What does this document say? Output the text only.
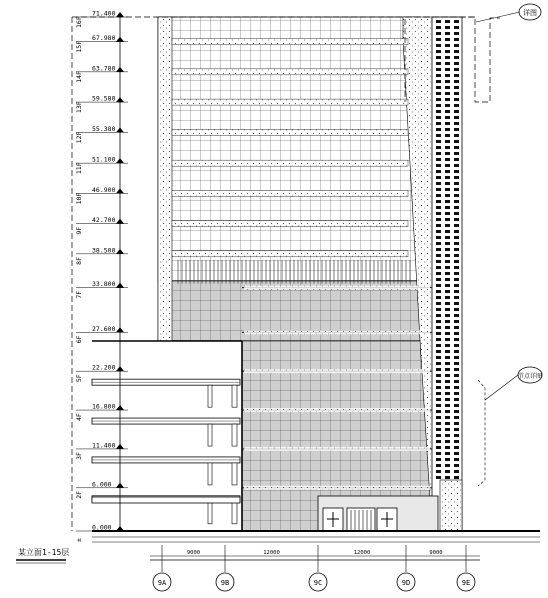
详图
节点详图
16F
71.400
15F
67.980
14F
63.780
13F
59.580
12F
55.380
11F
51.100
10F
46.900
9F
42.700
8F
38.500
7F
33.800
6F
27.600
5F
22.200
4F
16.800
3F
11.400
2F
6.000
±
0.000
9A	9B	9C	9D	9E
9000	12000	12000	9000
某立面1-15层
